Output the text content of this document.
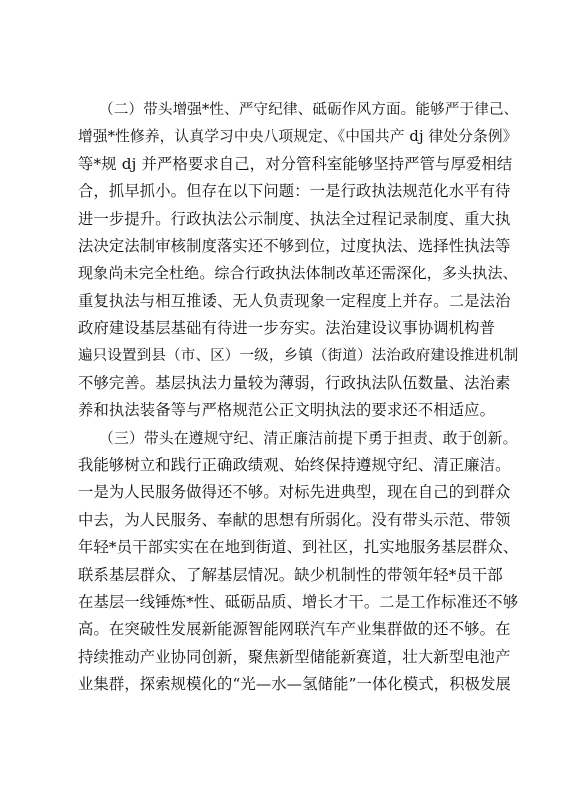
（二）带头增强*性、严守纪律、砥砺作风方面。能够严于律己、
增强*性修养，认真学习中央八项规定、《中国共产 dj 律处分条例》
等*规 dj 并严格要求自己，对分管科室能够坚持严管与厚爱相结
合，抓早抓小。但存在以下问题：一是行政执法规范化水平有待
进一步提升。行政执法公示制度、执法全过程记录制度、重大执
法决定法制审核制度落实还不够到位，过度执法、选择性执法等
现象尚未完全杜绝。综合行政执法体制改革还需深化，多头执法、
重复执法与相互推诿、无人负责现象一定程度上并存。二是法治
政府建设基层基础有待进一步夯实。法治建设议事协调机构普
遍只设置到县（市、区）一级，乡镇（街道）法治政府建设推进机制
不够完善。基层执法力量较为薄弱，行政执法队伍数量、法治素
养和执法装备等与严格规范公正文明执法的要求还不相适应。
（三）带头在遵规守纪、清正廉洁前提下勇于担责、敢于创新。
我能够树立和践行正确政绩观、始终保持遵规守纪、清正廉洁。
一是为人民服务做得还不够。对标先进典型，现在自己的到群众
中去，为人民服务、奉献的思想有所弱化。没有带头示范、带领
年轻*员干部实实在在地到街道、到社区，扎实地服务基层群众、
联系基层群众、了解基层情况。缺少机制性的带领年轻*员干部
在基层一线锤炼*性、砥砺品质、增长才干。二是工作标准还不够
高。在突破性发展新能源智能网联汽车产业集群做的还不够。在
持续推动产业协同创新，聚焦新型储能新赛道，壮大新型电池产
业集群，探索规模化的“光—水—氢储能”一体化模式，积极发展
